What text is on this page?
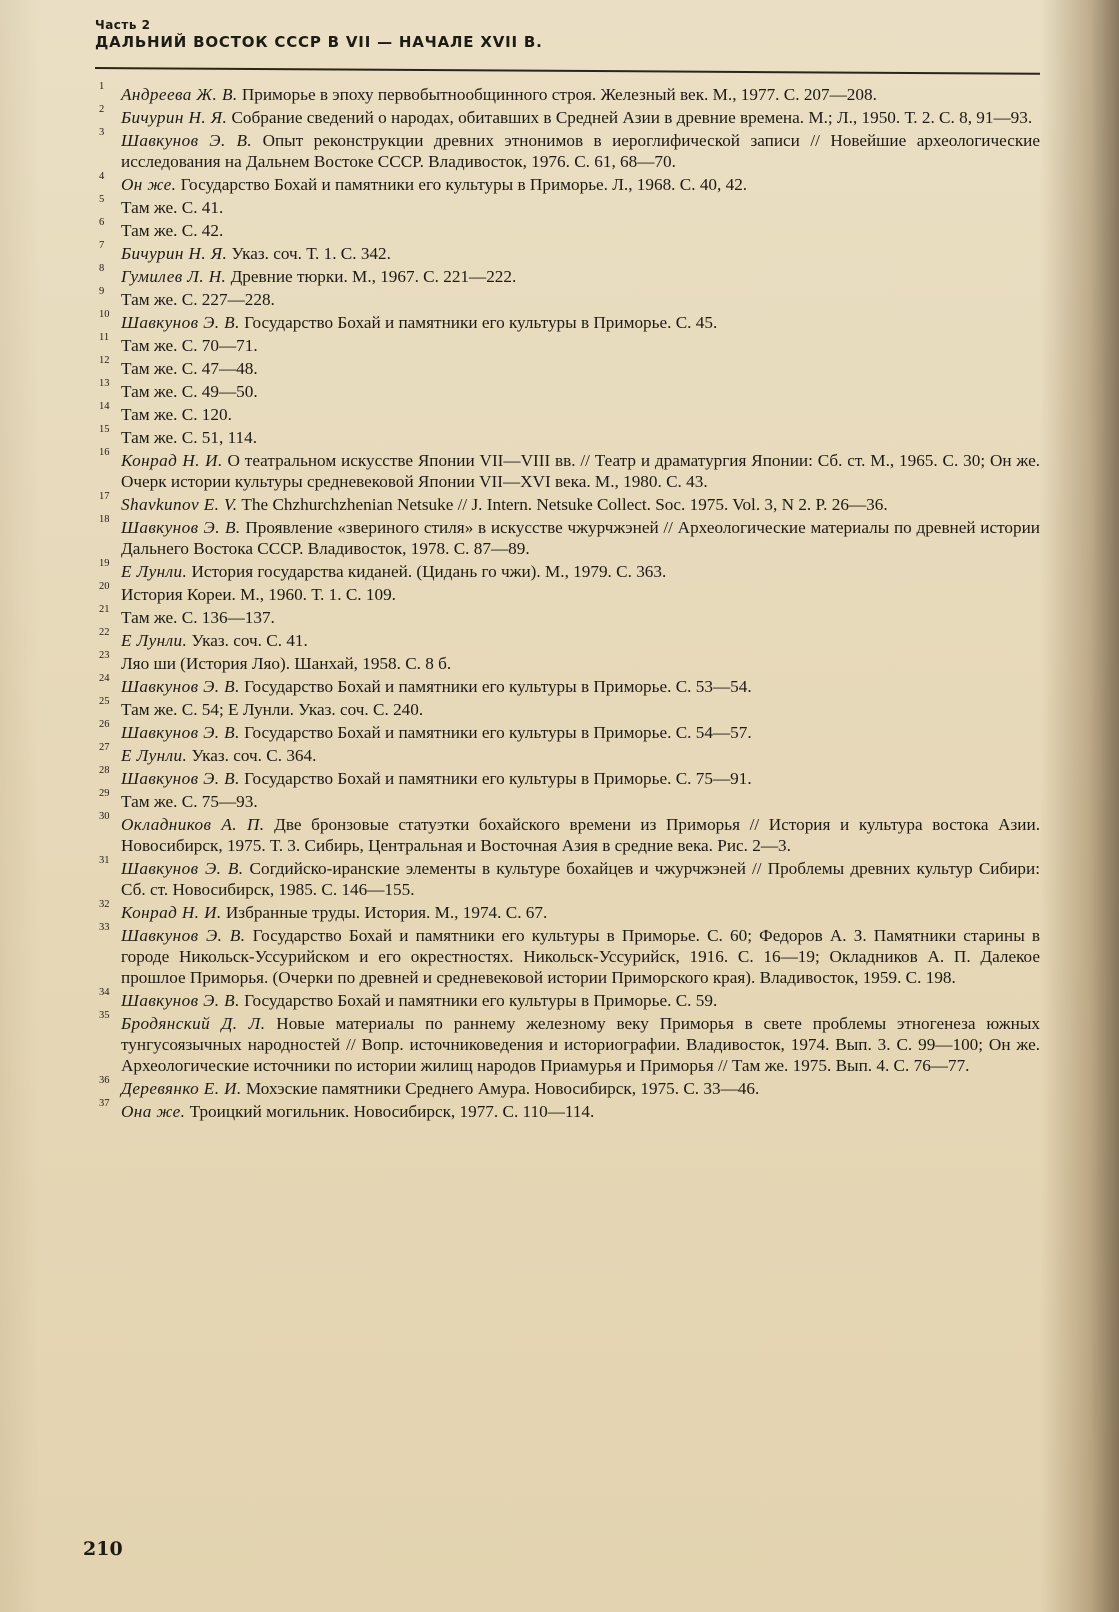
Часть 2
ДАЛЬНИЙ ВОСТОК СССР В VII — НАЧАЛЕ XVII В.
1 Андреева Ж. В. Приморье в эпоху первобытнообщинного строя. Железный век. М., 1977. С. 207—208.
2 Бичурин Н. Я. Собрание сведений о народах, обитавших в Средней Азии в древние времена. М.; Л., 1950. Т. 2. С. 8, 91—93.
3 Шавкунов Э. В. Опыт реконструкции древних этнонимов в иероглифической записи // Новейшие археологические исследования на Дальнем Востоке СССР. Владивосток, 1976. С. 61, 68—70.
4 Он же. Государство Бохай и памятники его культуры в Приморье. Л., 1968. С. 40, 42.
5 Там же. С. 41.
6 Там же. С. 42.
7 Бичурин Н. Я. Указ. соч. Т. 1. С. 342.
8 Гумилев Л. Н. Древние тюрки. М., 1967. С. 221—222.
9 Там же. С. 227—228.
10 Шавкунов Э. В. Государство Бохай и памятники его культуры в Приморье. С. 45.
11 Там же. С. 70—71.
12 Там же. С. 47—48.
13 Там же. С. 49—50.
14 Там же. С. 120.
15 Там же. С. 51, 114.
16 Конрад Н. И. О театральном искусстве Японии VII—VIII вв. // Театр и драматургия Японии: Сб. ст. М., 1965. С. 30; Он же. Очерк истории культуры средневековой Японии VII—XVI века. М., 1980. С. 43.
17 Shavkunov E. V. The Chzhurchzhenian Netsuke // J. Intern. Netsuke Collect. Soc. 1975. Vol. 3, N 2. P. 26—36.
18 Шавкунов Э. В. Проявление «звериного стиля» в искусстве чжурчжэней // Археологические материалы по древней истории Дальнего Востока СССР. Владивосток, 1978. С. 87—89.
19 Е Лунли. История государства киданей. (Цидань го чжи). М., 1979. С. 363.
20 История Кореи. М., 1960. Т. 1. С. 109.
21 Там же. С. 136—137.
22 Е Лунли. Указ. соч. С. 41.
23 Ляо ши (История Ляо). Шанхай, 1958. С. 8 б.
24 Шавкунов Э. В. Государство Бохай и памятники его культуры в Приморье. С. 53—54.
25 Там же. С. 54; Е Лунли. Указ. соч. С. 240.
26 Шавкунов Э. В. Государство Бохай и памятники его культуры в Приморье. С. 54—57.
27 Е Лунли. Указ. соч. С. 364.
28 Шавкунов Э. В. Государство Бохай и памятники его культуры в Приморье. С. 75—91.
29 Там же. С. 75—93.
30 Окладников А. П. Две бронзовые статуэтки бохайского времени из Приморья // История и культура востока Азии. Новосибирск, 1975. Т. 3. Сибирь, Центральная и Восточная Азия в средние века. Рис. 2—3.
31 Шавкунов Э. В. Согдийско-иранские элементы в культуре бохайцев и чжурчжэней // Проблемы древних культур Сибири: Сб. ст. Новосибирск, 1985. С. 146—155.
32 Конрад Н. И. Избранные труды. История. М., 1974. С. 67.
33 Шавкунов Э. В. Государство Бохай и памятники его культуры в Приморье. С. 60; Федоров А. З. Памятники старины в городе Никольск-Уссурийском и его окрестностях. Никольск-Уссурийск, 1916. С. 16—19; Окладников А. П. Далекое прошлое Приморья. (Очерки по древней и средневековой истории Приморского края). Владивосток, 1959. С. 198.
34 Шавкунов Э. В. Государство Бохай и памятники его культуры в Приморье. С. 59.
35 Бродянский Д. Л. Новые материалы по раннему железному веку Приморья в свете проблемы этногенеза южных тунгусоязычных народностей // Вопр. источниковедения и историографии. Владивосток, 1974. Вып. 3. С. 99—100; Он же. Археологические источники по истории жилищ народов Приамурья и Приморья // Там же. 1975. Вып. 4. С. 76—77.
36 Деревянко Е. И. Мохэские памятники Среднего Амура. Новосибирск, 1975. С. 33—46.
37 Она же. Троицкий могильник. Новосибирск, 1977. С. 110—114.
210
